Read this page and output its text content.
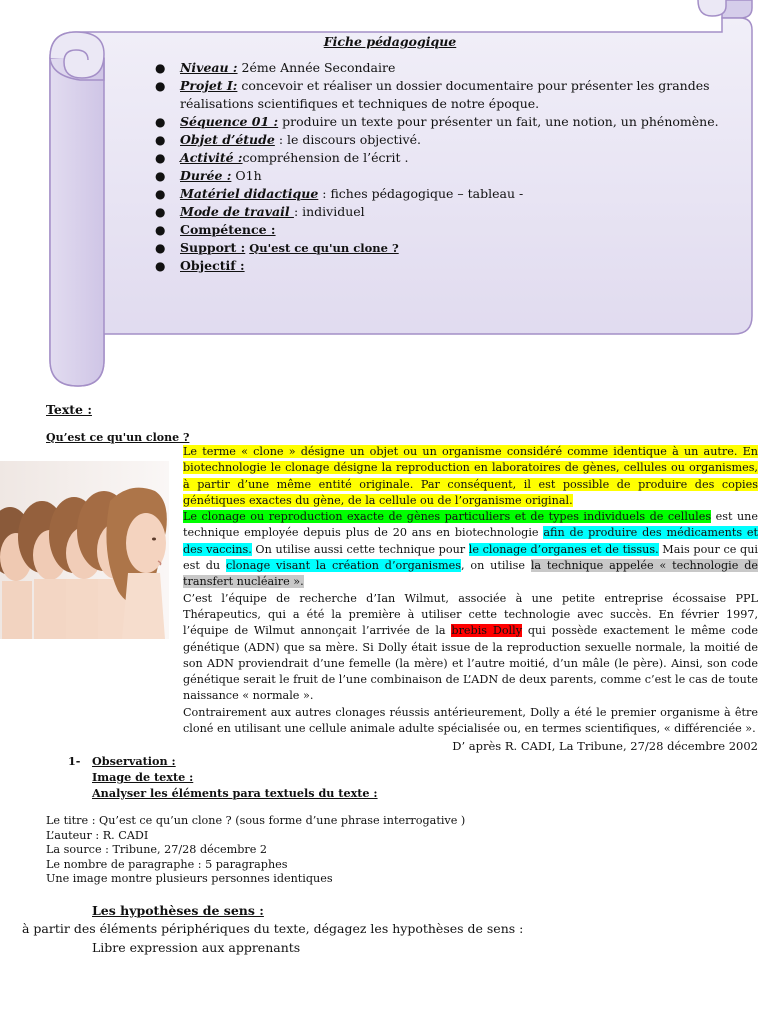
Fiche pédagogique
● Niveau : 2éme Année Secondaire
● Projet I: concevoir et réaliser un dossier documentaire pour présenter les grandes réalisations scientifiques et techniques de notre époque.
● Séquence 01 : produire un texte pour présenter un fait, une notion, un phénomène.
● Objet d’étude : le discours objectivé.
● Activité :compréhension de l’écrit .
● Durée : O1h
● Matériel didactique : fiches pédagogique – tableau -
● Mode de travail : individuel
● Compétence :
● Support : Qu'est ce qu'un clone ?
● Objectif :
Texte :
Qu’est ce qu'un clone ?

Le terme « clone » désigne un objet ou un organisme considéré comme identique à un autre. En biotechnologie le clonage désigne la reproduction en laboratoires de gènes, cellules ou organismes, à partir d’une même entité originale. Par conséquent, il est possible de produire des copies génétiques exactes du gène, de la cellule ou de l’organisme original.

Le clonage ou reproduction exacte de gènes particuliers et de types individuels de cellules est une technique employée depuis plus de 20 ans en biotechnologie afin de produire des médicaments et des vaccins. On utilise aussi cette technique pour le clonage d’organes et de tissus. Mais pour ce qui est du clonage visant la création d’organismes, on utilise la technique appelée « technologie de transfert nucléaire ».

C’est l’équipe de recherche d’Ian Wilmut, associée à une petite entreprise écossaise PPL Thérapeutics, qui a été la première à utiliser cette technologie avec succès. En février 1997, l’équipe de Wilmut annonçait l’arrivée de la brebis Dolly qui possède exactement le même code génétique (ADN) que sa mère. Si Dolly était issue de la reproduction sexuelle normale, la moitié de son ADN proviendrait d’une femelle (la mère) et l’autre moitié, d’un mâle (le père). Ainsi, son code génétique serait le fruit de l’une combinaison de L’ADN de deux parents, comme c’est le cas de toute naissance « normale ».

Contrairement aux autres clonages réussis antérieurement, Dolly a été le premier organisme à être cloné en utilisant une cellule animale adulte spécialisée ou, en termes scientifiques, « différenciée ».

D’ après R. CADI, La Tribune, 27/28 décembre 2002
1- Observation :
Image de texte :
Analyser les éléments para textuels du texte :
Le titre : Qu’est ce qu’un clone ? (sous forme d’une phrase interrogative )
L’auteur : R. CADI
La source : Tribune, 27/28 décembre 2
Le nombre de paragraphe : 5 paragraphes
Une image montre plusieurs personnes identiques
Les hypothèses de sens :
à partir des éléments périphériques du texte, dégagez les hypothèses de sens :
Libre expression aux apprenants
